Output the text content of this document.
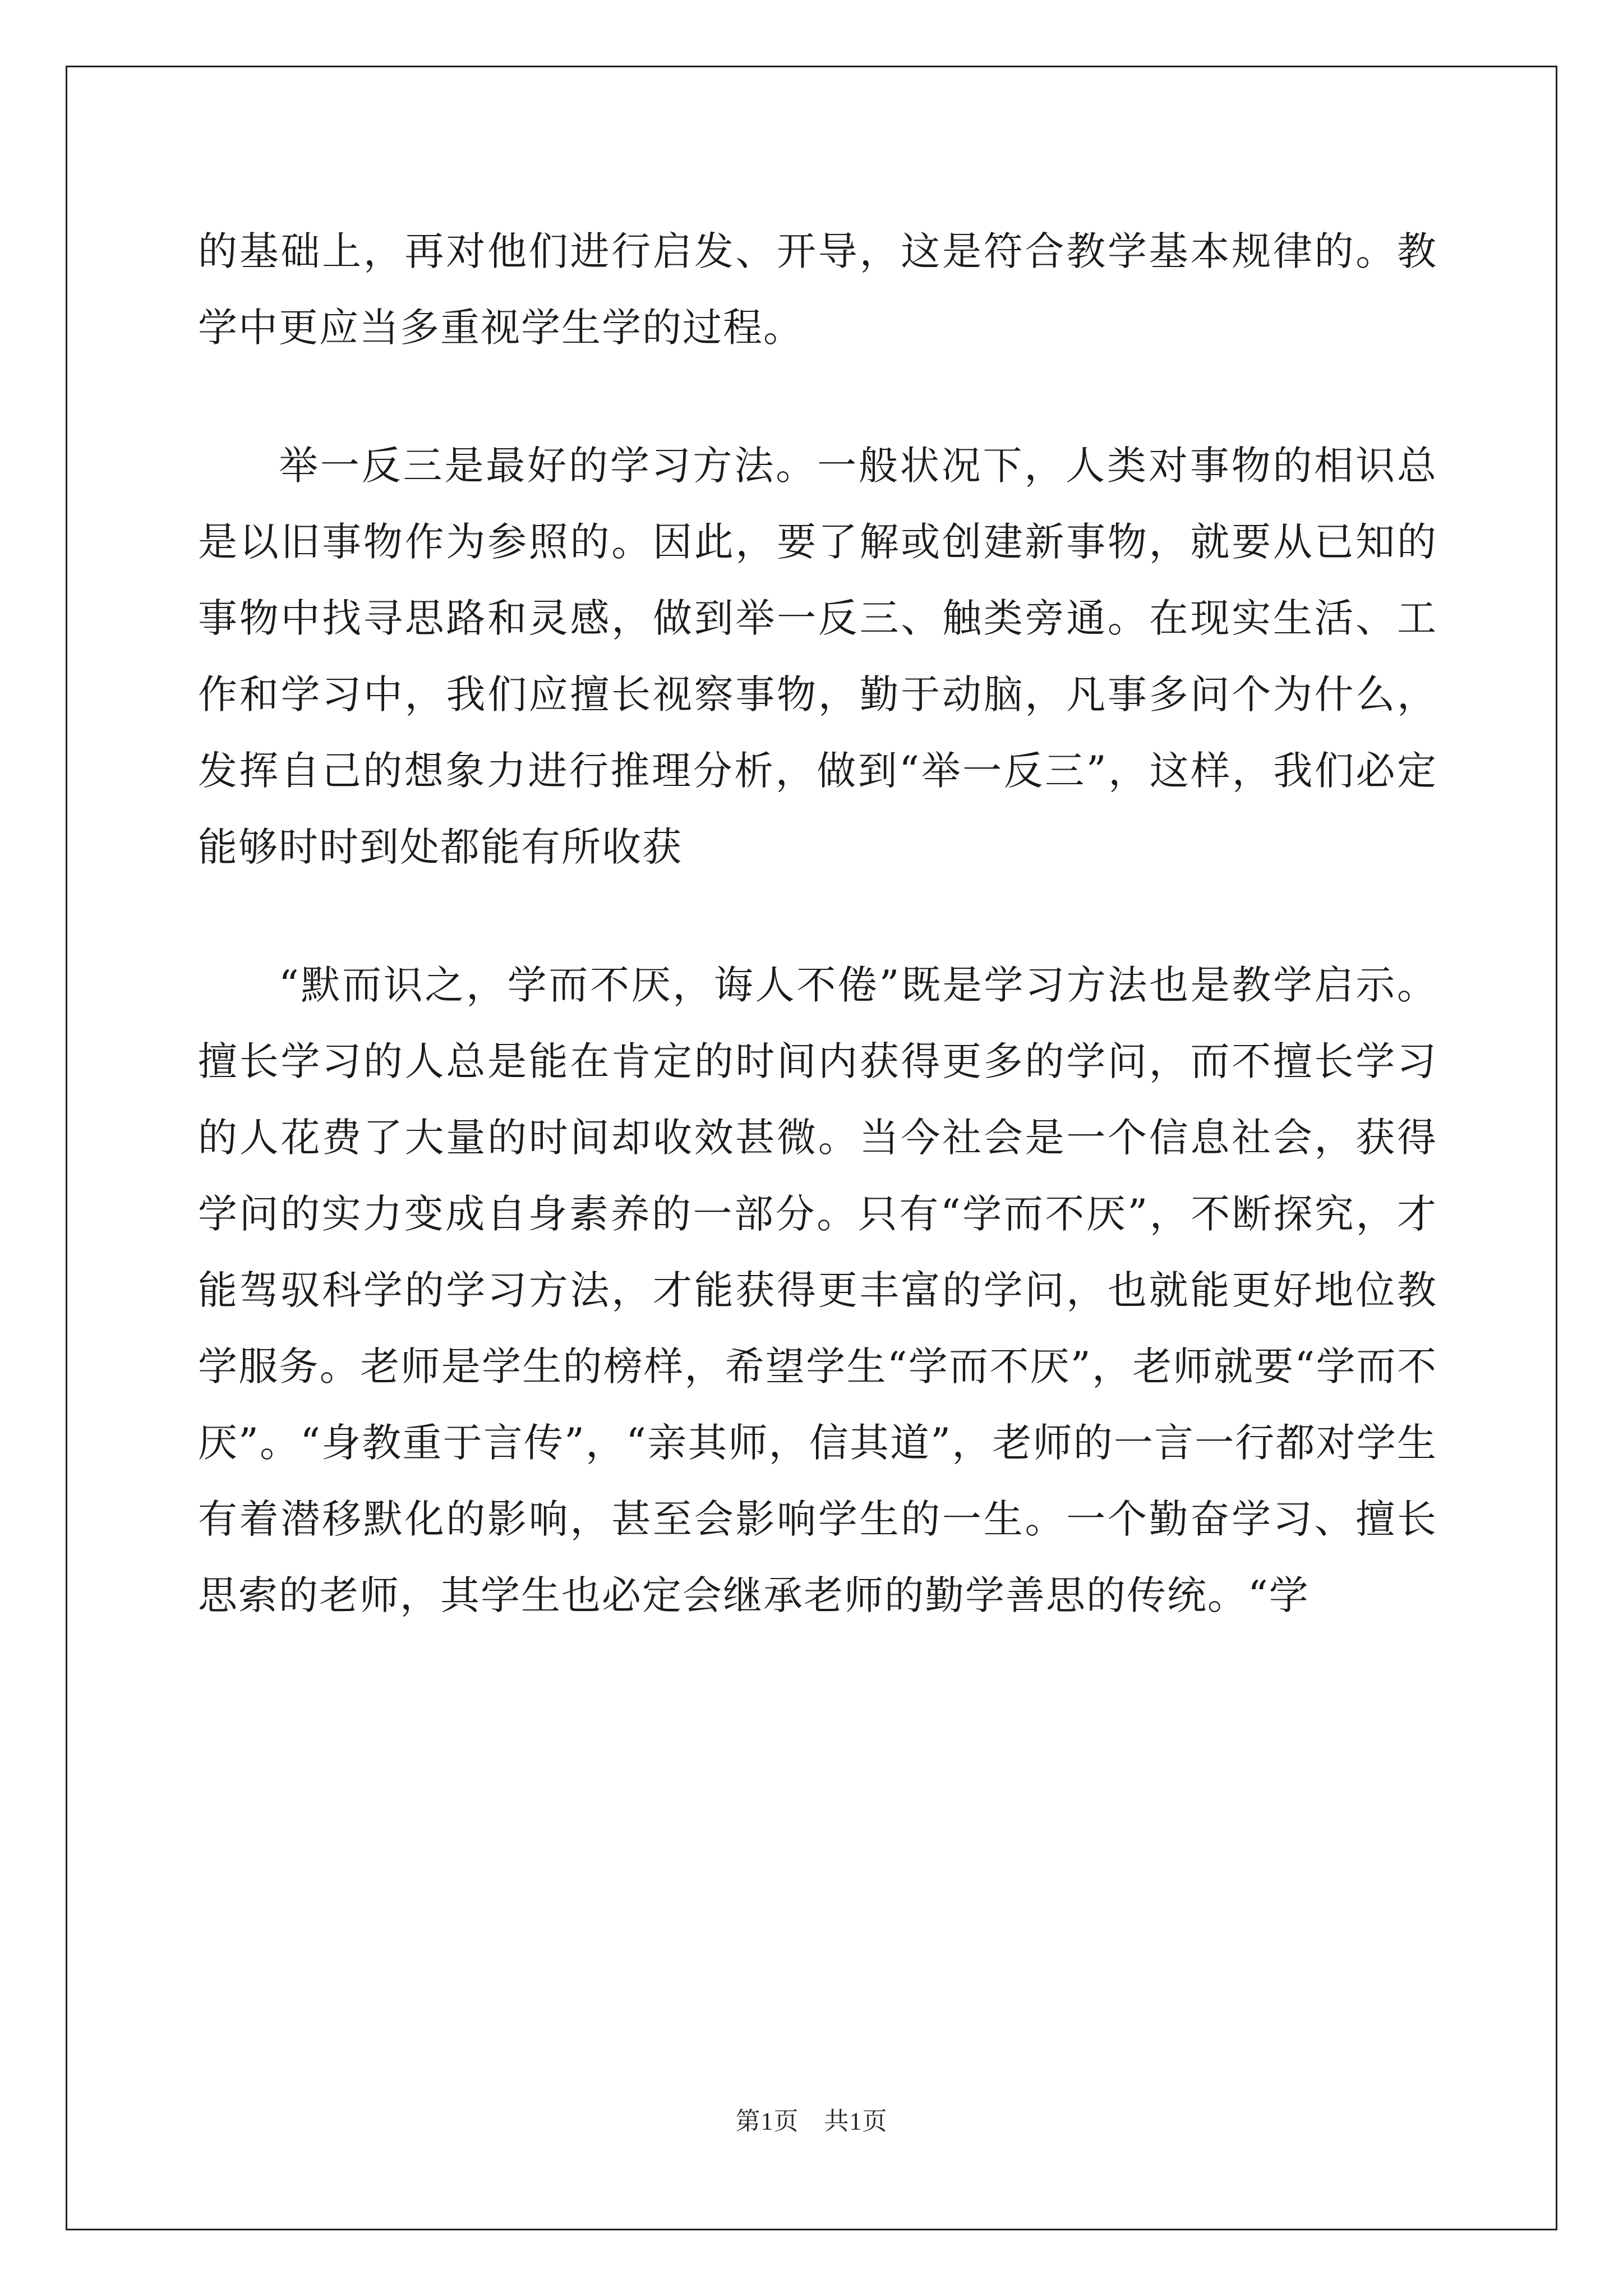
的基础上，再对他们进行启发、开导，这是符合教学基本规律的。教学中更应当多重视学生学的过程。

举一反三是最好的学习方法。一般状况下，人类对事物的相识总是以旧事物作为参照的。因此，要了解或创建新事物，就要从已知的事物中找寻思路和灵感，做到举一反三、触类旁通。在现实生活、工作和学习中，我们应擅长视察事物，勤于动脑，凡事多问个为什么，发挥自己的想象力进行推理分析，做到“举一反三”，这样，我们必定能够时时到处都能有所收获

“默而识之，学而不厌，诲人不倦”既是学习方法也是教学启示。擅长学习的人总是能在肯定的时间内获得更多的学问，而不擅长学习的人花费了大量的时间却收效甚微。当今社会是一个信息社会，获得学问的实力变成自身素养的一部分。只有“学而不厌”，不断探究，才能驾驭科学的学习方法，才能获得更丰富的学问，也就能更好地位教学服务。老师是学生的榜样，希望学生“学而不厌”，老师就要“学而不厌”。“身教重于言传”，“亲其师，信其道”，老师的一言一行都对学生有着潜移默化的影响，甚至会影响学生的一生。一个勤奋学习、擅长思索的老师，其学生也必定会继承老师的勤学善思的传统。“学

第1页　共1页
